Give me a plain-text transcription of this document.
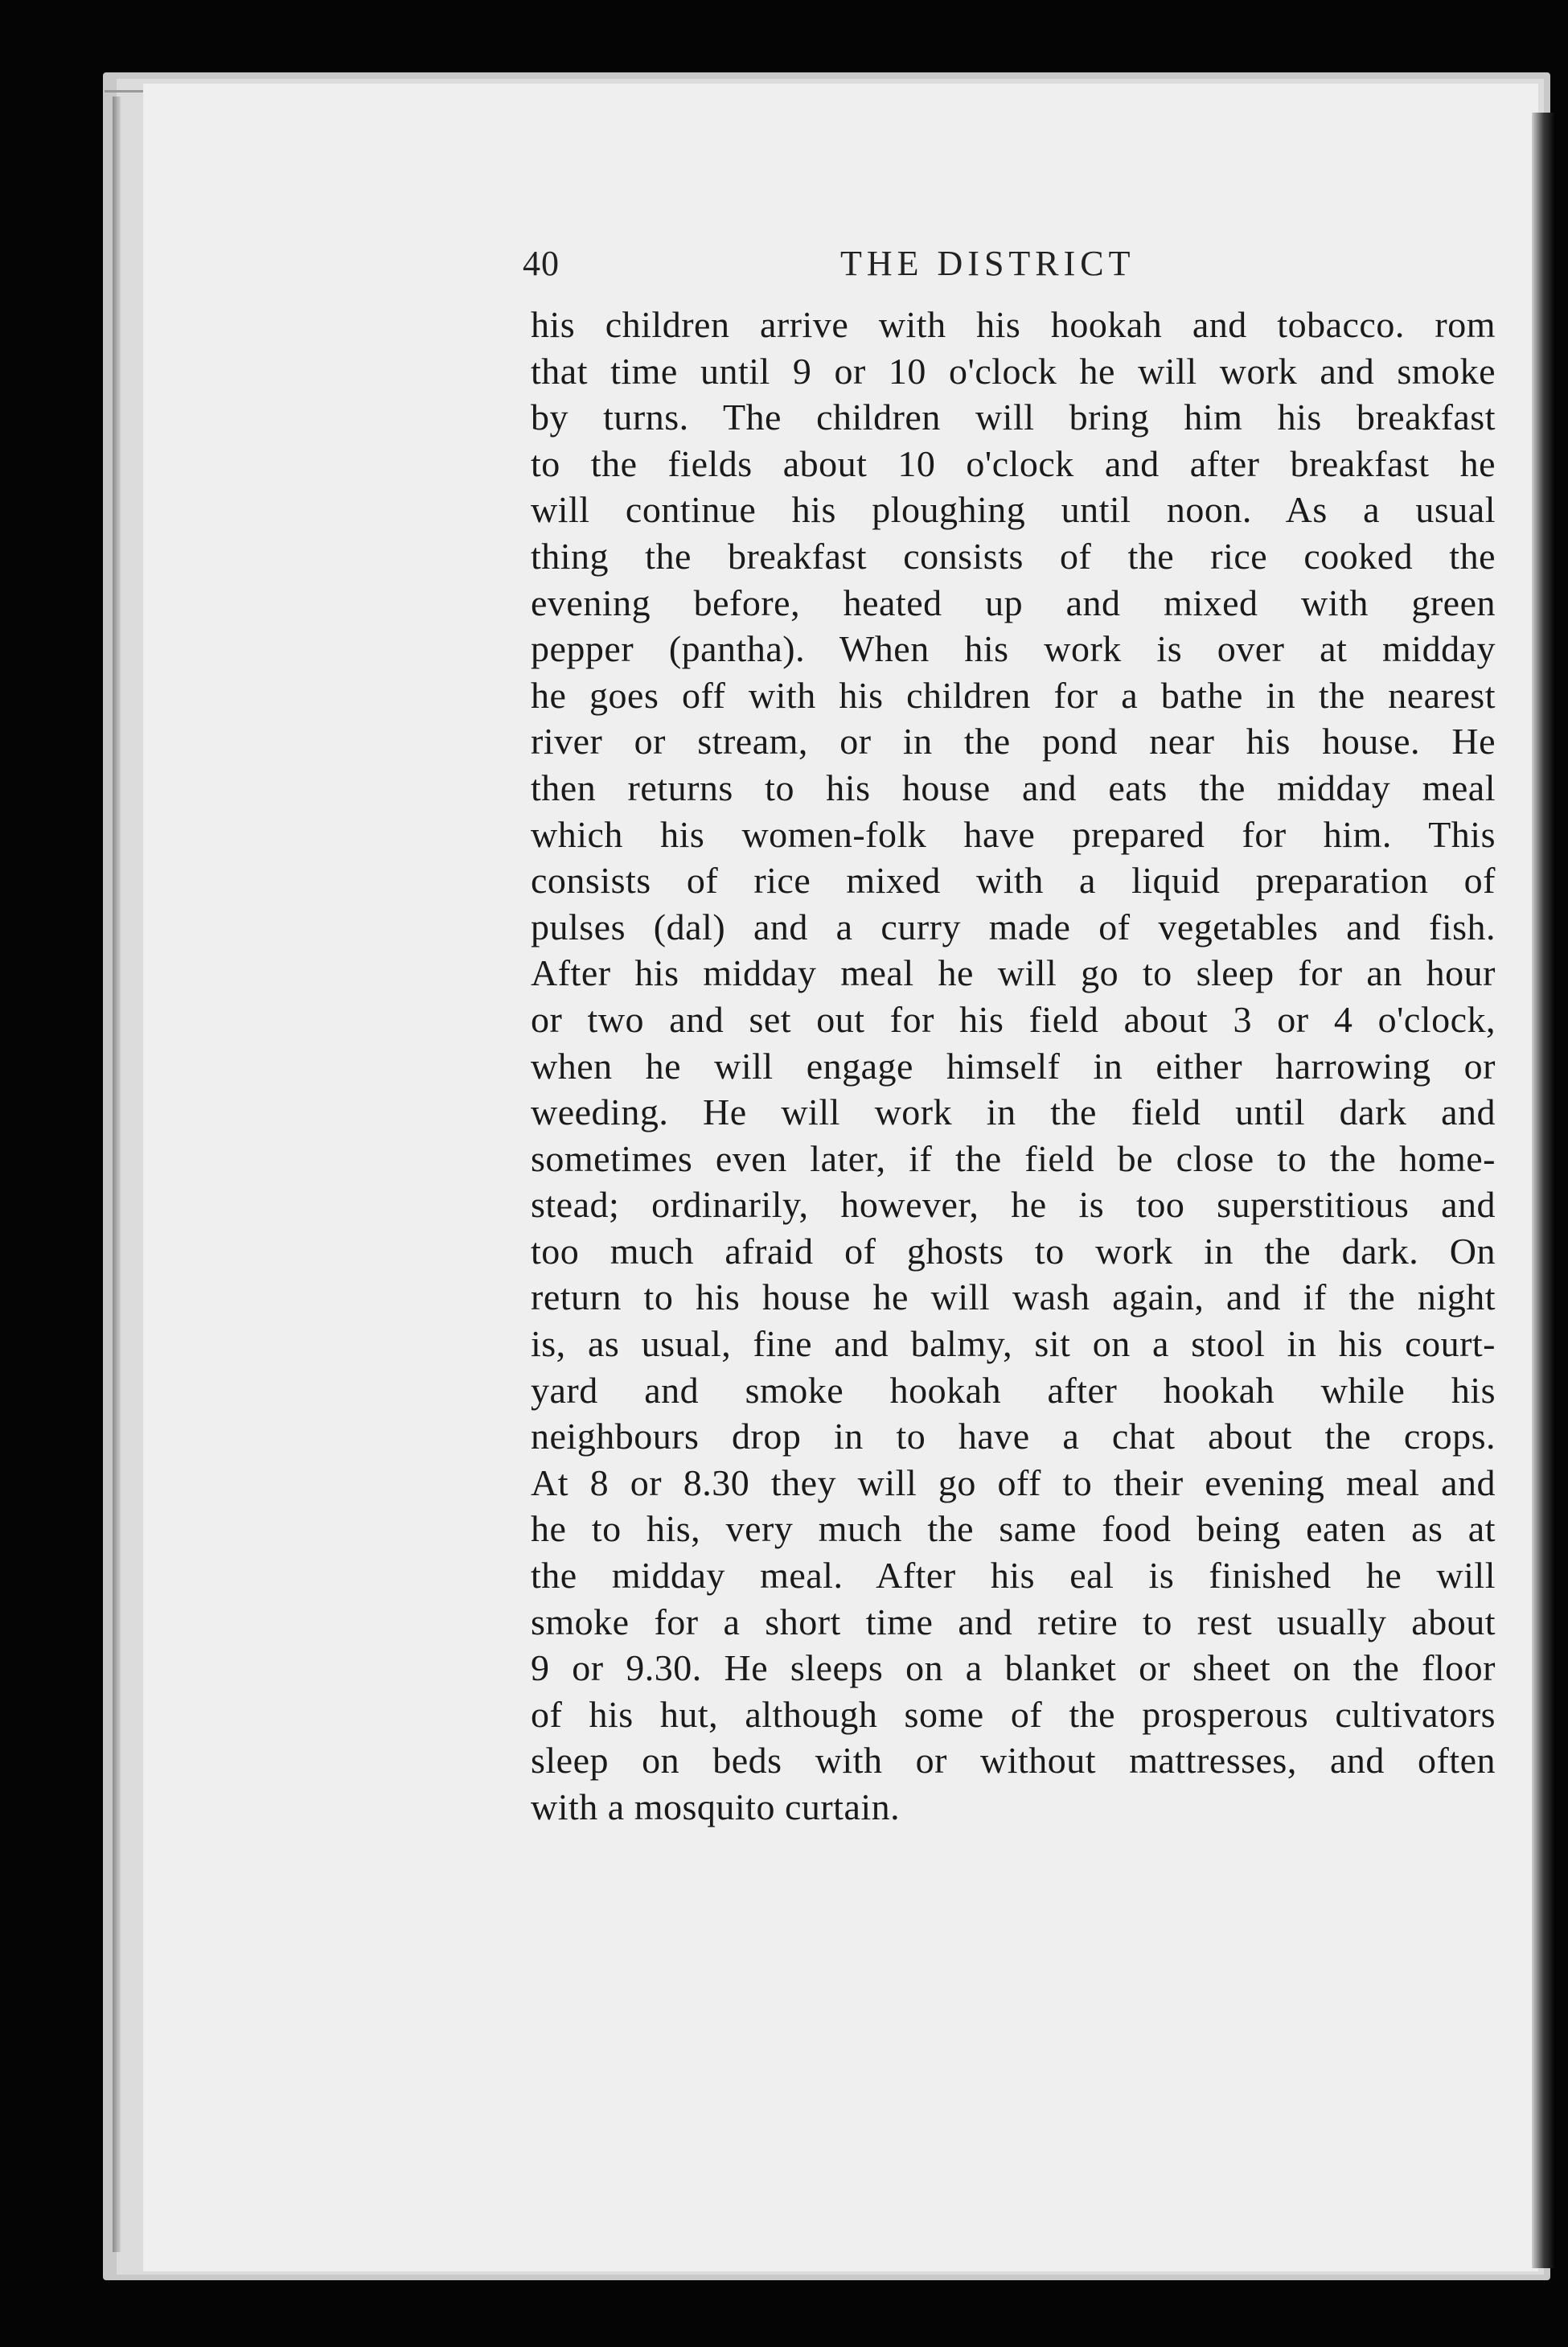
40	THE DISTRICT
his children arrive with his hookah and tobacco. rom
that time until 9 or 10 o'clock he will work and smoke
by turns. The children will bring him his breakfast
to the fields about 10 o'clock and after breakfast he
will continue his ploughing until noon. As a usual
thing the breakfast consists of the rice cooked the
evening before, heated up and mixed with green
pepper (pantha). When his work is over at midday
he goes off with his children for a bathe in the nearest
river or stream, or in the pond near his house. He
then returns to his house and eats the midday meal
which his women-folk have prepared for him. This
consists of rice mixed with a liquid preparation of
pulses (dal) and a curry made of vegetables and fish.
After his midday meal he will go to sleep for an hour
or two and set out for his field about 3 or 4 o'clock,
when he will engage himself in either harrowing or
weeding. He will work in the field until dark and
sometimes even later, if the field be close to the home-
stead; ordinarily, however, he is too superstitious and
too much afraid of ghosts to work in the dark. On
return to his house he will wash again, and if the night
is, as usual, fine and balmy, sit on a stool in his court-
yard and smoke hookah after hookah while his
neighbours drop in to have a chat about the crops.
At 8 or 8.30 they will go off to their evening meal and
he to his, very much the same food being eaten as at
the midday meal. After his eal is finished he will
smoke for a short time and retire to rest usually about
9 or 9.30. He sleeps on a blanket or sheet on the floor
of his hut, although some of the prosperous cultivators
sleep on beds with or without mattresses, and often
with a mosquito curtain.
